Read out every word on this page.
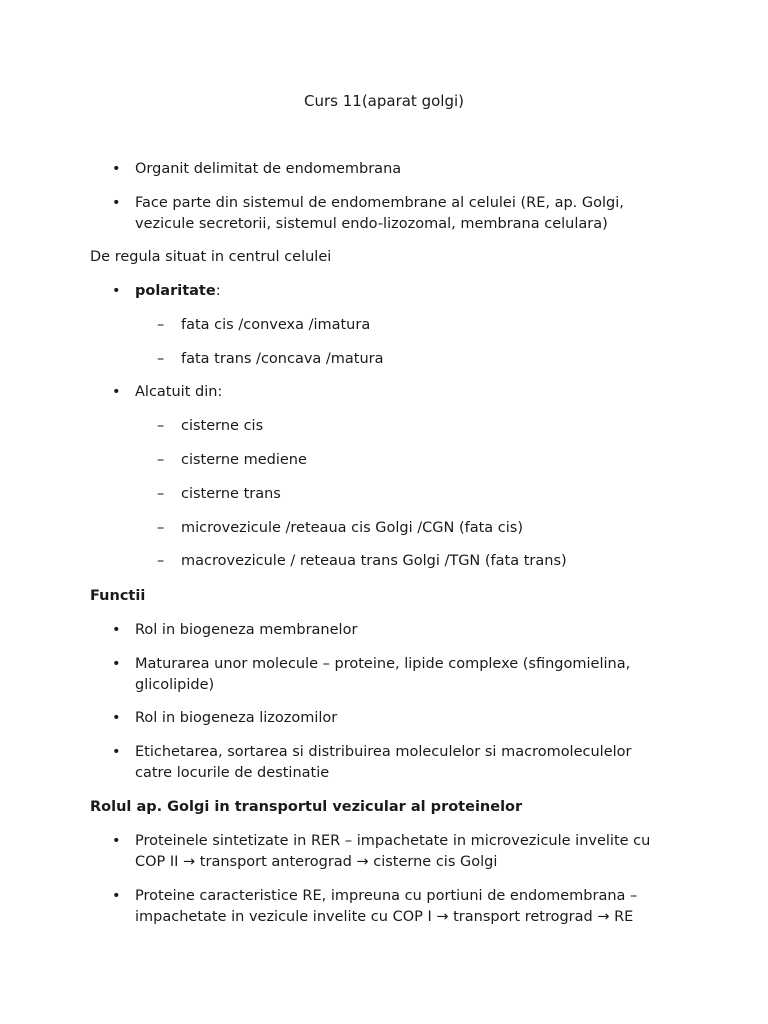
Curs 11(aparat golgi)
• Organit delimitat de endomembrana
• Face parte din sistemul de endomembrane al celulei (RE, ap. Golgi,
vezicule secretorii, sistemul endo-lizozomal, membrana celulara)
De regula situat in centrul celulei
• polaritate:
– fata cis /convexa /imatura
– fata trans /concava /matura
• Alcatuit din:
– cisterne cis
– cisterne mediene
– cisterne trans
– microvezicule /reteaua cis Golgi /CGN (fata cis)
– macrovezicule / reteaua trans Golgi /TGN (fata trans)
Functii
• Rol in biogeneza membranelor
• Maturarea unor molecule – proteine, lipide complexe (sfingomielina,
glicolipide)
• Rol in biogeneza lizozomilor
• Etichetarea, sortarea si distribuirea moleculelor si macromoleculelor
catre locurile de destinatie
Rolul ap. Golgi in transportul vezicular al proteinelor
• Proteinele sintetizate in RER – impachetate in microvezicule invelite cu
COP II → transport anterograd → cisterne cis Golgi
• Proteine caracteristice RE, impreuna cu portiuni de endomembrana –
impachetate in vezicule invelite cu COP I → transport retrograd → RE
